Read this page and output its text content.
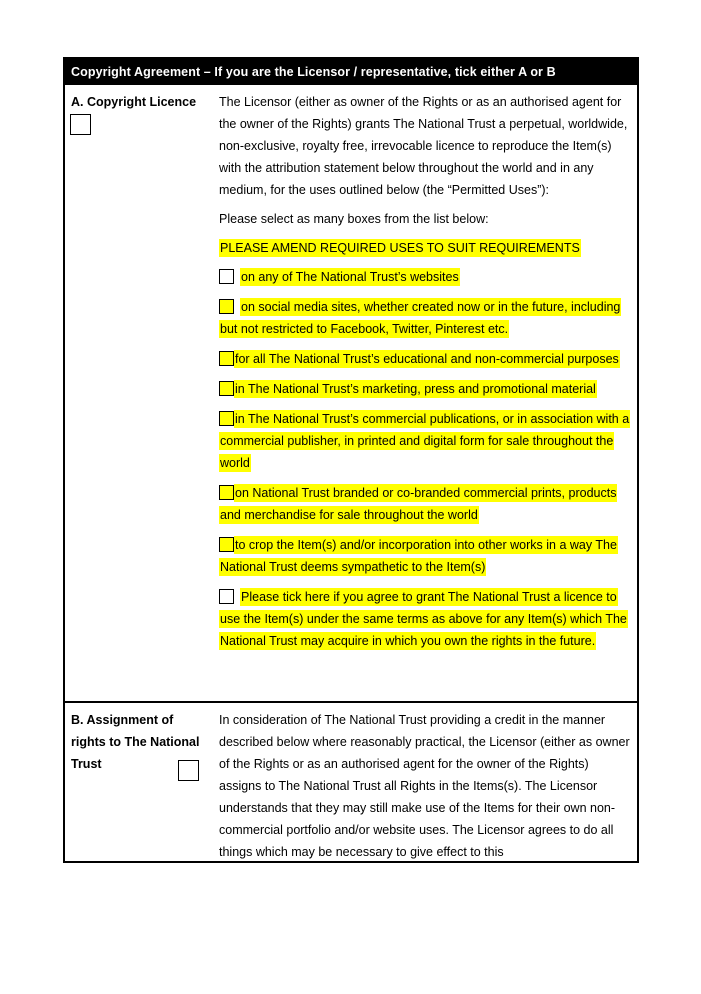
Copyright Agreement – If you are the Licensor / representative, tick either A or B
A. Copyright Licence	The Licensor (either as owner of the Rights or as an authorised agent for the owner of the Rights) grants The National Trust a perpetual, worldwide, non-exclusive, royalty free, irrevocable licence to reproduce the Item(s) with the attribution statement below throughout the world and in any medium, for the uses outlined below (the “Permitted Uses”):

Please select as many boxes from the list below:

PLEASE AMEND REQUIRED USES TO SUIT REQUIREMENTS

on any of The National Trust’s websites
on social media sites, whether created now or in the future, including but not restricted to Facebook, Twitter, Pinterest etc.
for all The National Trust’s educational and non-commercial purposes
in The National Trust’s marketing, press and promotional material
in The National Trust’s commercial publications, or in association with a commercial publisher, in printed and digital form for sale throughout the world
on National Trust branded or co-branded commercial prints, products and merchandise for sale throughout the world
to crop the Item(s) and/or incorporation into other works in a way The National Trust deems sympathetic to the Item(s)
Please tick here if you agree to grant The National Trust a licence to use the Item(s) under the same terms as above for any Item(s) which The National Trust may acquire in which you own the rights in the future.
B. Assignment of rights to The National Trust

In consideration of The National Trust providing a credit in the manner described below where reasonably practical, the Licensor (either as owner of the Rights or as an authorised agent for the owner of the Rights) assigns to The National Trust all Rights in the Items(s). The Licensor understands that they may still make use of the Items for their own non-commercial portfolio and/or website uses. The Licensor agrees to do all things which may be necessary to give effect to this
